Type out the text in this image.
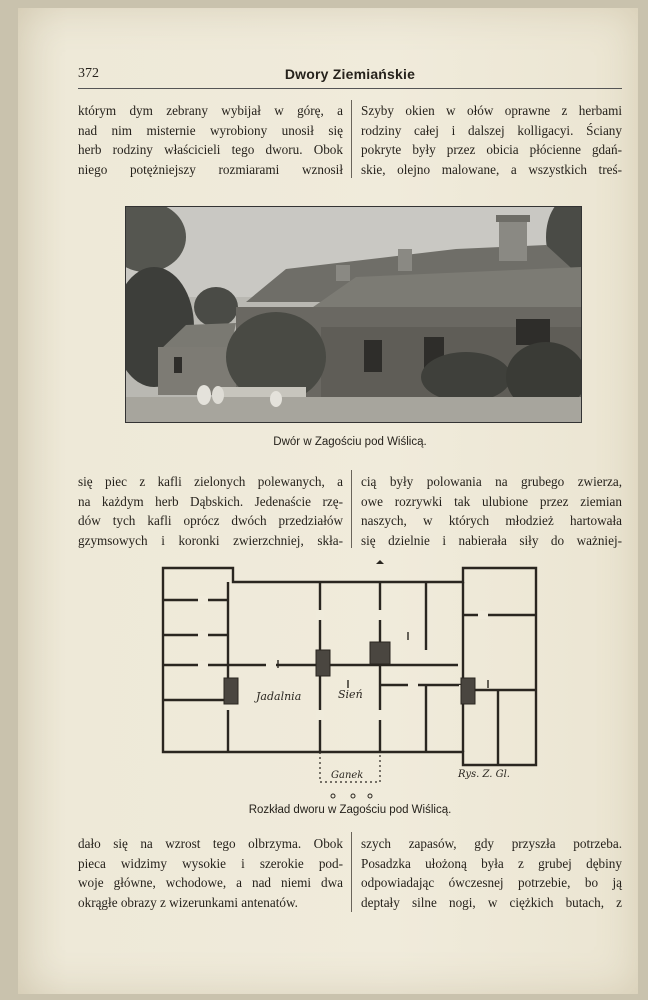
372	Dwory Ziemiańskie
którym dym zebrany wybijał w górę, a
nad nim misternie wyrobiony unosił się
herb rodziny właścicieli tego dworu. Obok
niego potężniejszy rozmiarami wznosił
Szyby okien w ołów oprawne z herbami
rodziny całej i dalszej kolligacyi. Ściany
pokryte były przez obicia płócienne gdań-
skie, olejno malowane, a wszystkich treś-
Dwór w Zagościu pod Wiślicą.
się piec z kafli zielonych polewanych, a
na każdym herb Dąbskich. Jedenaście rzę-
dów tych kafli oprócz dwóch przedziałów
gzymsowych i koronki zwierzchniej, skła-
cią były polowania na grubego zwierza,
owe rozrywki tak ulubione przez ziemian
naszych, w których młodzież hartowała
się dzielnie i nabierała siły do ważniej-
Jadalnia	Sień
Ganek	Rys. Z. Gl.
Rozkład dworu w Zagościu pod Wiślicą.
dało się na wzrost tego olbrzyma. Obok
pieca widzimy wysokie i szerokie pod-
woje główne, wchodowe, a nad niemi dwa
okrągłe obrazy z wizerunkami antenatów.
szych zapasów, gdy przyszła potrzeba.
Posadzka ułożoną była z grubej dębiny
odpowiadając ówczesnej potrzebie, bo ją
deptały silne nogi, w ciężkich butach, z
